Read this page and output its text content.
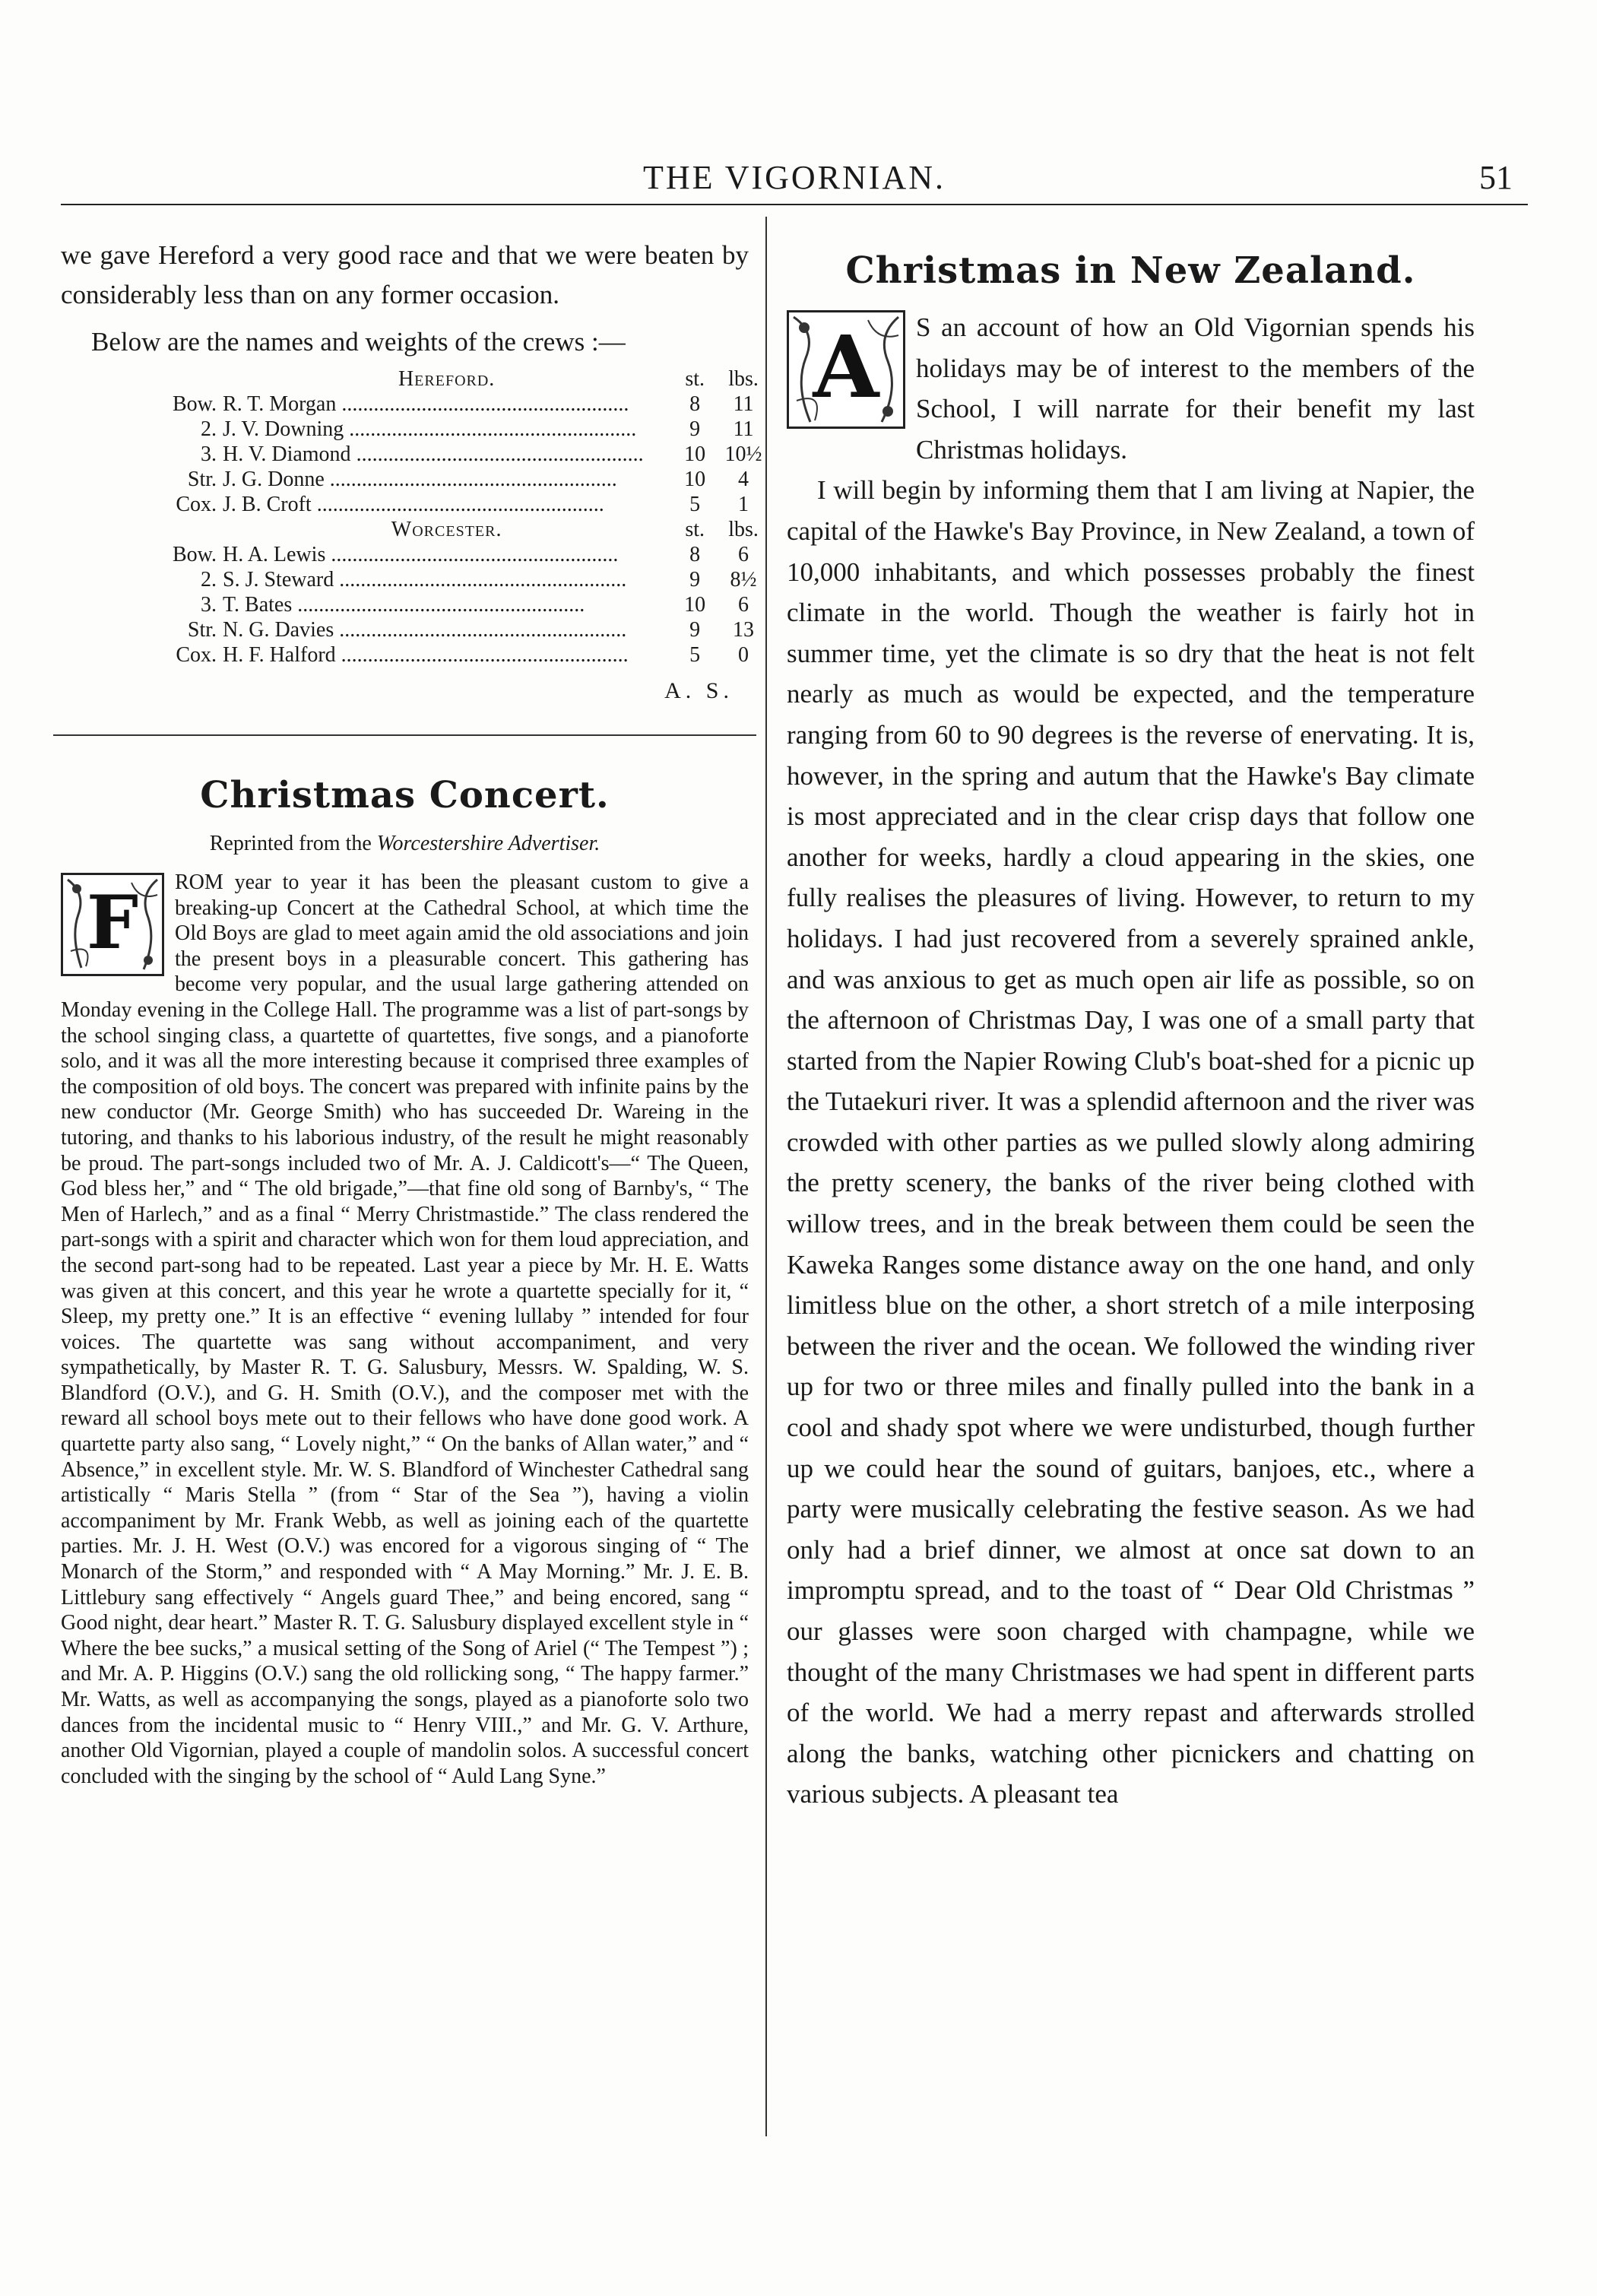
THE VIGORNIAN.	51

we gave Hereford a very good race and that we were beaten by considerably less than on any former occasion.

Below are the names and weights of the crews :—

	Hereford.	st.	lbs.
Bow.	R. T. Morgan ......................................................	8	11
2.	J. V. Downing ......................................................	9	11
3.	H. V. Diamond ......................................................	10	10½
Str.	J. G. Donne ......................................................	10	4
Cox.	J. B. Croft ......................................................	5	1
	Worcester.	st.	lbs.
Bow.	H. A. Lewis ......................................................	8	6
2.	S. J. Steward ......................................................	9	8½
3.	T. Bates ......................................................	10	6
Str.	N. G. Davies ......................................................	9	13
Cox.	H. F. Halford ......................................................	5	0
A. S.
Christmas Concert.

Reprinted from the Worcestershire Advertiser.

F	ROM year to year it has been the pleasant custom to give a breaking-up Concert at the Cathedral School, at which time the Old Boys are glad to meet again amid the old associations and join the present boys in a pleasurable concert. This gathering has become very popular, and the usual large gathering attended on Monday evening in the College Hall. The programme was a list of part-songs by the school singing class, a quartette of quartettes, five songs, and a pianoforte solo, and it was all the more interesting because it comprised three examples of the composition of old boys. The concert was prepared with infinite pains by the new conductor (Mr. George Smith) who has succeeded Dr. Wareing in the tutoring, and thanks to his laborious industry, of the result he might reasonably be proud. The part-songs included two of Mr. A. J. Caldicott's—“ The Queen, God bless her,” and “ The old brigade,”—that fine old song of Barnby's, “ The Men of Harlech,” and as a final “ Merry Christmastide.” The class rendered the part-songs with a spirit and character which won for them loud appreciation, and the second part-song had to be repeated. Last year a piece by Mr. H. E. Watts was given at this concert, and this year he wrote a quartette specially for it, “ Sleep, my pretty one.” It is an effective “ evening lullaby ” intended for four voices. The quartette was sang without accompaniment, and very sympathetically, by Master R. T. G. Salusbury, Messrs. W. Spalding, W. S. Blandford (O.V.), and G. H. Smith (O.V.), and the composer met with the reward all school boys mete out to their fellows who have done good work. A quartette party also sang, “ Lovely night,” “ On the banks of Allan water,” and “ Absence,” in excellent style. Mr. W. S. Blandford of Winchester Cathedral sang artistically “ Maris Stella ” (from “ Star of the Sea ”), having a violin accompaniment by Mr. Frank Webb, as well as joining each of the quartette parties. Mr. J. H. West (O.V.) was encored for a vigorous singing of “ The Monarch of the Storm,” and responded with “ A May Morning.” Mr. J. E. B. Littlebury sang effectively “ Angels guard Thee,” and being encored, sang “ Good night, dear heart.” Master R. T. G. Salusbury displayed excellent style in “ Where the bee sucks,” a musical setting of the Song of Ariel (“ The Tempest ”) ; and Mr. A. P. Higgins (O.V.) sang the old rollicking song, “ The happy farmer.” Mr. Watts, as well as accompanying the songs, played as a pianoforte solo two dances from the incidental music to “ Henry VIII.,” and Mr. G. V. Arthure, another Old Vigornian, played a couple of mandolin solos. A successful concert concluded with the singing by the school of “ Auld Lang Syne.”

Christmas in New Zealand.
A	S an account of how an Old Vigornian spends his holidays may be of interest to the members of the School, I will narrate for their benefit my last Christmas holidays.

I will begin by informing them that I am living at Napier, the capital of the Hawke's Bay Province, in New Zealand, a town of 10,000 inhabitants, and which possesses probably the finest climate in the world. Though the weather is fairly hot in summer time, yet the climate is so dry that the heat is not felt nearly as much as would be expected, and the temperature ranging from 60 to 90 degrees is the reverse of enervating. It is, however, in the spring and autum that the Hawke's Bay climate is most appreciated and in the clear crisp days that follow one another for weeks, hardly a cloud appearing in the skies, one fully realises the pleasures of living. However, to return to my holidays. I had just recovered from a severely sprained ankle, and was anxious to get as much open air life as possible, so on the afternoon of Christmas Day, I was one of a small party that started from the Napier Rowing Club's boat-shed for a picnic up the Tutaekuri river. It was a splendid afternoon and the river was crowded with other parties as we pulled slowly along admiring the pretty scenery, the banks of the river being clothed with willow trees, and in the break between them could be seen the Kaweka Ranges some distance away on the one hand, and only limitless blue on the other, a short stretch of a mile interposing between the river and the ocean. We followed the winding river up for two or three miles and finally pulled into the bank in a cool and shady spot where we were undisturbed, though further up we could hear the sound of guitars, banjoes, etc., where a party were musically celebrating the festive season. As we had only had a brief dinner, we almost at once sat down to an impromptu spread, and to the toast of “ Dear Old Christmas ” our glasses were soon charged with champagne, while we thought of the many Christmases we had spent in different parts of the world. We had a merry repast and afterwards strolled along the banks, watching other picnickers and chatting on various subjects. A pleasant tea
